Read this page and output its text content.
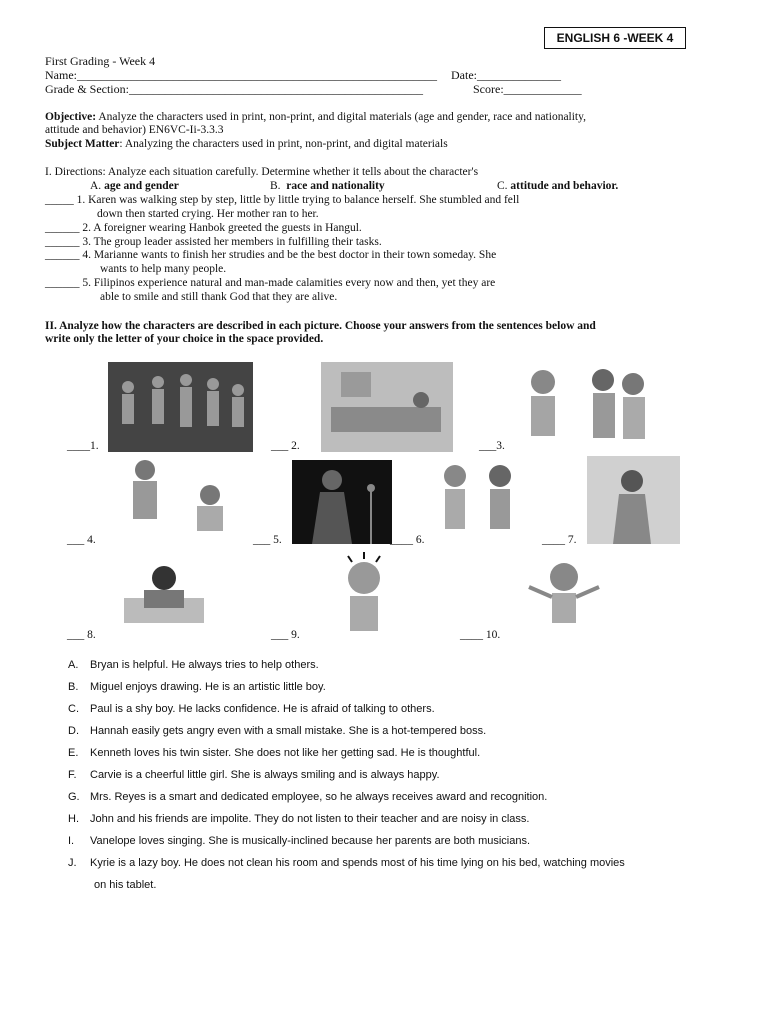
ENGLISH 6 -WEEK 4
First Grading - Week 4
Name:____________________________________________________________ Date:______________
Grade & Section:_________________________________________________	Score:_____________
Objective: Analyze the characters used in print, non-print, and digital materials (age and gender, race and nationality,
attitude and behavior) EN6VC-Ii-3.3.3
Subject Matter: Analyzing the characters used in print, non-print, and digital materials
I. Directions: Analyze each situation carefully. Determine whether it tells about the character's
A. age and gender	B. race and nationality	C. attitude and behavior.
_____ 1. Karen was walking step by step, little by little trying to balance herself. She stumbled and fell
down then started crying. Her mother ran to her.
______ 2. A foreigner wearing Hanbok greeted the guests in Hangul.
______ 3. The group leader assisted her members in fulfilling their tasks.
______ 4. Marianne wants to finish her strudies and be the best doctor in their town someday. She
wants to help many people.
______ 5. Filipinos experience natural and man-made calamities every now and then, yet they are
able to smile and still thank God that they are alive.
II. Analyze how the characters are described in each picture. Choose your answers from the sentences below and
write only the letter of your choice in the space provided.
____1.	___ 2.	___3.
___ 4.	___ 5.	____ 6.	____ 7.
___ 8.	___ 9.	____ 10.
A. Bryan is helpful. He always tries to help others.
B. Miguel enjoys drawing. He is an artistic little boy.
C. Paul is a shy boy. He lacks confidence. He is afraid of talking to others.
D. Hannah easily gets angry even with a small mistake. She is a hot-tempered boss.
E. Kenneth loves his twin sister. She does not like her getting sad. He is thoughtful.
F. Carvie is a cheerful little girl. She is always smiling and is always happy.
G. Mrs. Reyes is a smart and dedicated employee, so he always receives award and recognition.
H. John and his friends are impolite. They do not listen to their teacher and are noisy in class.
I. Vanelope loves singing. She is musically-inclined because her parents are both musicians.
J. Kyrie is a lazy boy. He does not clean his room and spends most of his time lying on his bed, watching movies
on his tablet.
